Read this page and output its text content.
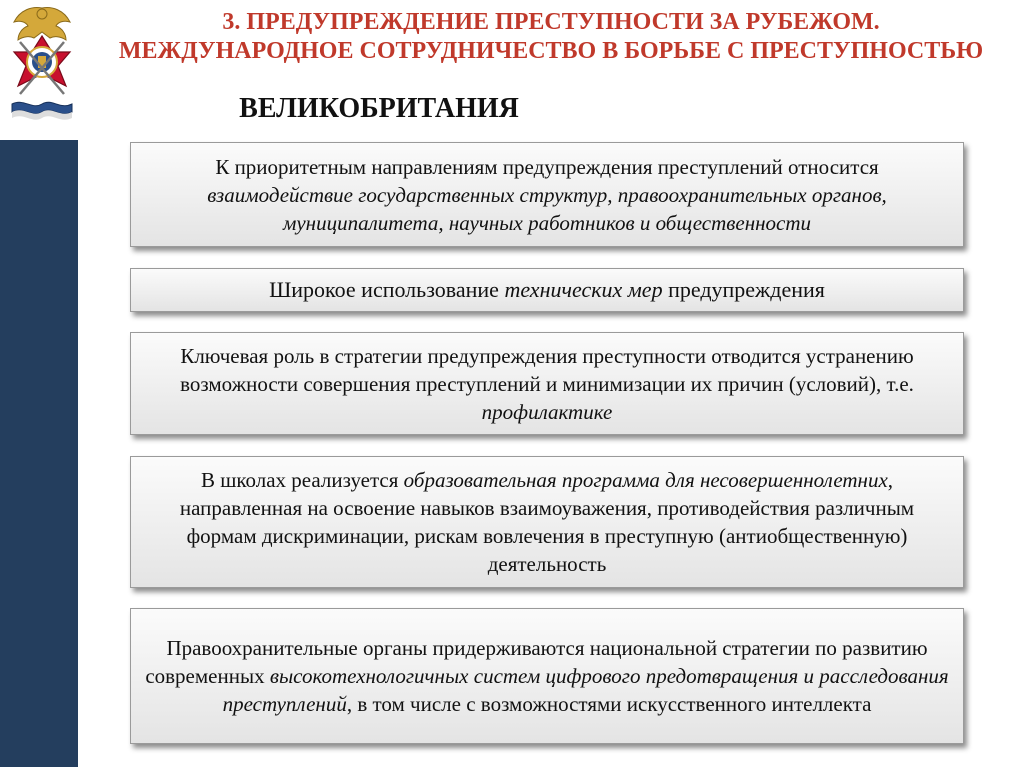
3. ПРЕДУПРЕЖДЕНИЕ ПРЕСТУПНОСТИ ЗА РУБЕЖОМ.
МЕЖДУНАРОДНОЕ СОТРУДНИЧЕСТВО В БОРЬБЕ С ПРЕСТУПНОСТЬЮ
ВЕЛИКОБРИТАНИЯ

К приоритетным направлениям предупреждения преступлений относится взаимодействие государственных структур, правоохранительных органов, муниципалитета, научных работников и общественности

Широкое использование технических мер предупреждения

Ключевая роль в стратегии предупреждения преступности отводится устранению возможности совершения преступлений и минимизации их причин (условий), т.е. профилактике

В школах реализуется образовательная программа для несовершеннолетних, направленная на освоение навыков взаимоуважения, противодействия различным формам дискриминации, рискам вовлечения в преступную (антиобщественную) деятельность

Правоохранительные органы придерживаются национальной стратегии по развитию современных высокотехнологичных систем цифрового предотвращения и расследования преступлений, в том числе с возможностями искусственного интеллекта
